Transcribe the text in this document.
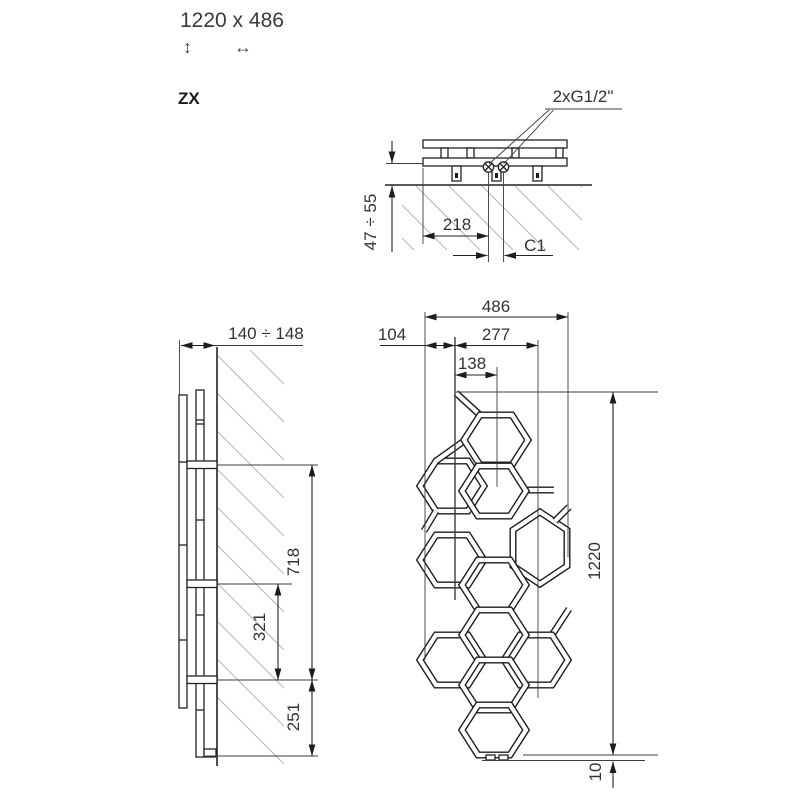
1220 x 486
↕ ↔
ZX	2xG1/2"
47 ÷ 55	218
C1
140 ÷ 148
718
321
251
486
104	277
138
1220
10
